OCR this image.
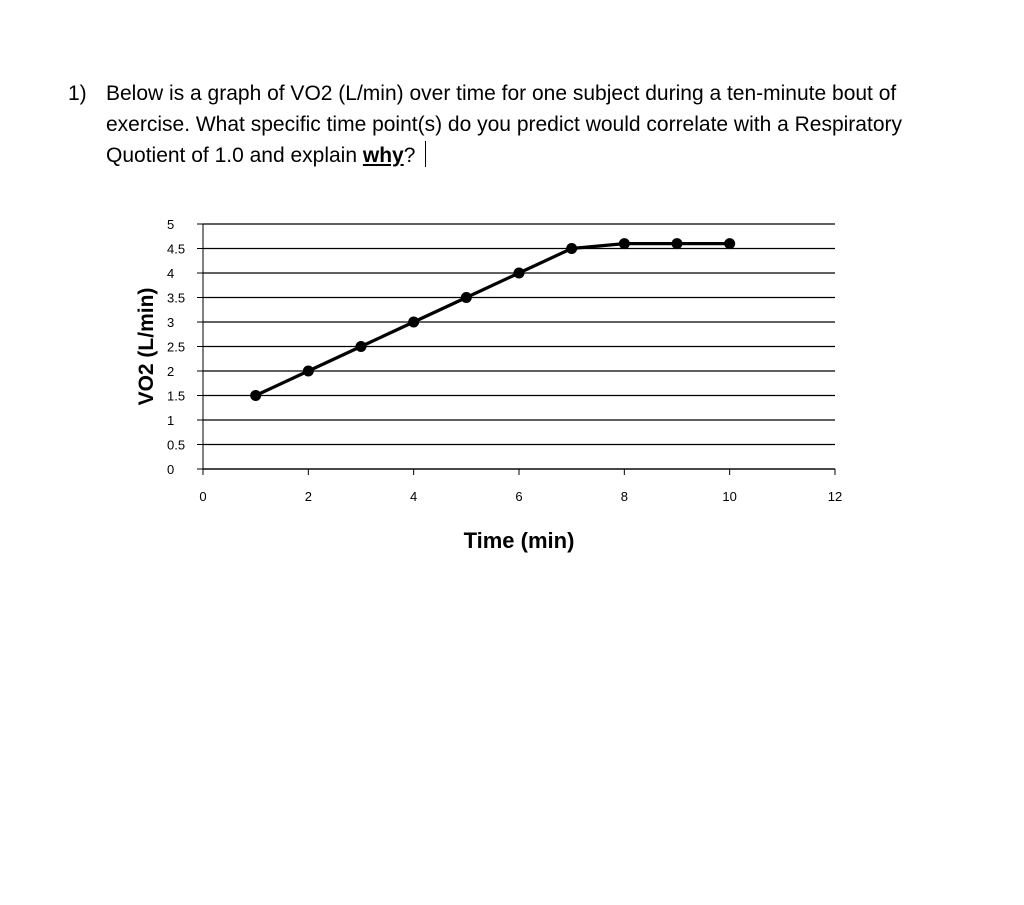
1) Below is a graph of VO2 (L/min) over time for one subject during a ten-minute bout of
exercise. What specific time point(s) do you predict would correlate with a Respiratory
Quotient of 1.0 and explain why?
0
0.5
1
1.5
2
2.5
3
3.5
4
4.5
5
0	2	4	6	8	10	12
Time (min)
VO2 (L/min)
